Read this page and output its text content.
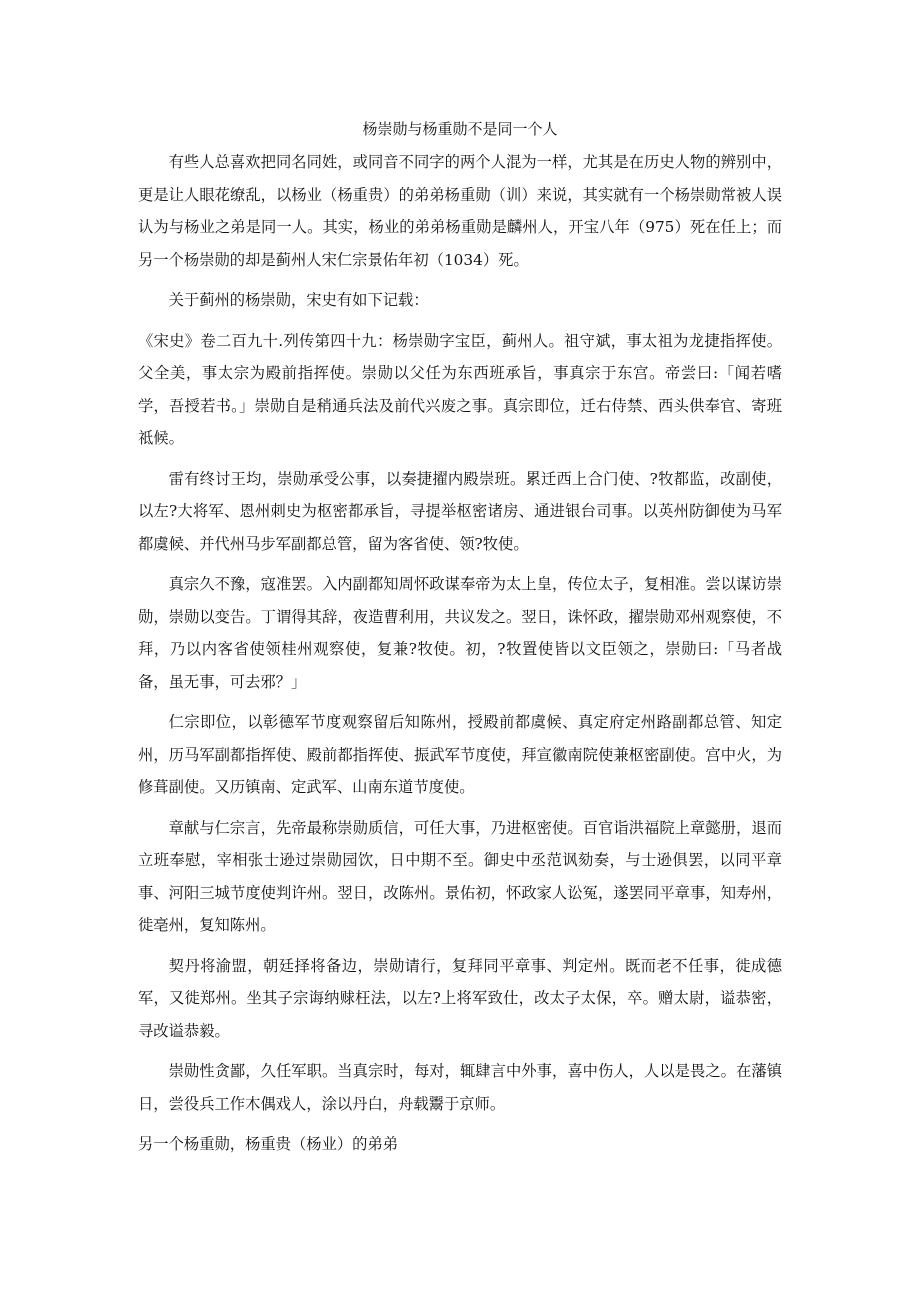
杨崇勋与杨重勋不是同一个人

有些人总喜欢把同名同姓，或同音不同字的两个人混为一样，尤其是在历史人物的辨别中，更是让人眼花缭乱，以杨业（杨重贵）的弟弟杨重勋（训）来说，其实就有一个杨崇勋常被人误认为与杨业之弟是同一人。其实，杨业的弟弟杨重勋是麟州人，开宝八年（975）死在任上；而另一个杨崇勋的却是蓟州人宋仁宗景佑年初（1034）死。

关于蓟州的杨崇勋，宋史有如下记载：

《宋史》卷二百九十.列传第四十九：杨崇勋字宝臣，蓟州人。祖守斌，事太祖为龙捷指挥使。父全美，事太宗为殿前指挥使。崇勋以父任为东西班承旨，事真宗于东宫。帝尝曰:「闻若嗜学，吾授若书。」崇勋自是稍通兵法及前代兴废之事。真宗即位，迁右侍禁、西头供奉官、寄班祗候。

雷有终讨王均，崇勋承受公事，以奏捷擢内殿崇班。累迁西上合门使、?牧都监，改副使，以左?大将军、恩州刺史为枢密都承旨，寻提举枢密诸房、通进银台司事。以英州防御使为马军都虞候、并代州马步军副都总管，留为客省使、领?牧使。

真宗久不豫，寇准罢。入内副都知周怀政谋奉帝为太上皇，传位太子，复相准。尝以谋访崇勋，崇勋以变告。丁谓得其辞，夜造曹利用，共议发之。翌日，诛怀政，擢崇勋邓州观察使，不拜，乃以内客省使领桂州观察使，复兼?牧使。初，?牧置使皆以文臣领之，崇勋曰:「马者战备，虽无事，可去邪？」

仁宗即位，以彰德军节度观察留后知陈州，授殿前都虞候、真定府定州路副都总管、知定州，历马军副都指挥使、殿前都指挥使、振武军节度使，拜宣徽南院使兼枢密副使。宫中火，为修葺副使。又历镇南、定武军、山南东道节度使。

章献与仁宗言，先帝最称崇勋质信，可任大事，乃进枢密使。百官诣洪福院上章懿册，退而立班奉慰，宰相张士逊过崇勋园饮，日中期不至。御史中丞范讽劾奏，与士逊俱罢，以同平章事、河阳三城节度使判许州。翌日，改陈州。景佑初，怀政家人讼冤，遂罢同平章事，知寿州，徙亳州，复知陈州。

契丹将渝盟，朝廷择将备边，崇勋请行，复拜同平章事、判定州。既而老不任事，徙成德军，又徙郑州。坐其子宗诲纳赇枉法，以左?上将军致仕，改太子太保，卒。赠太尉，谥恭密，寻改谥恭毅。

崇勋性贪鄙，久任军职。当真宗时，每对，辄肆言中外事，喜中伤人，人以是畏之。在藩镇日，尝役兵工作木偶戏人，涂以丹白，舟载鬻于京师。

另一个杨重勋，杨重贵（杨业）的弟弟
